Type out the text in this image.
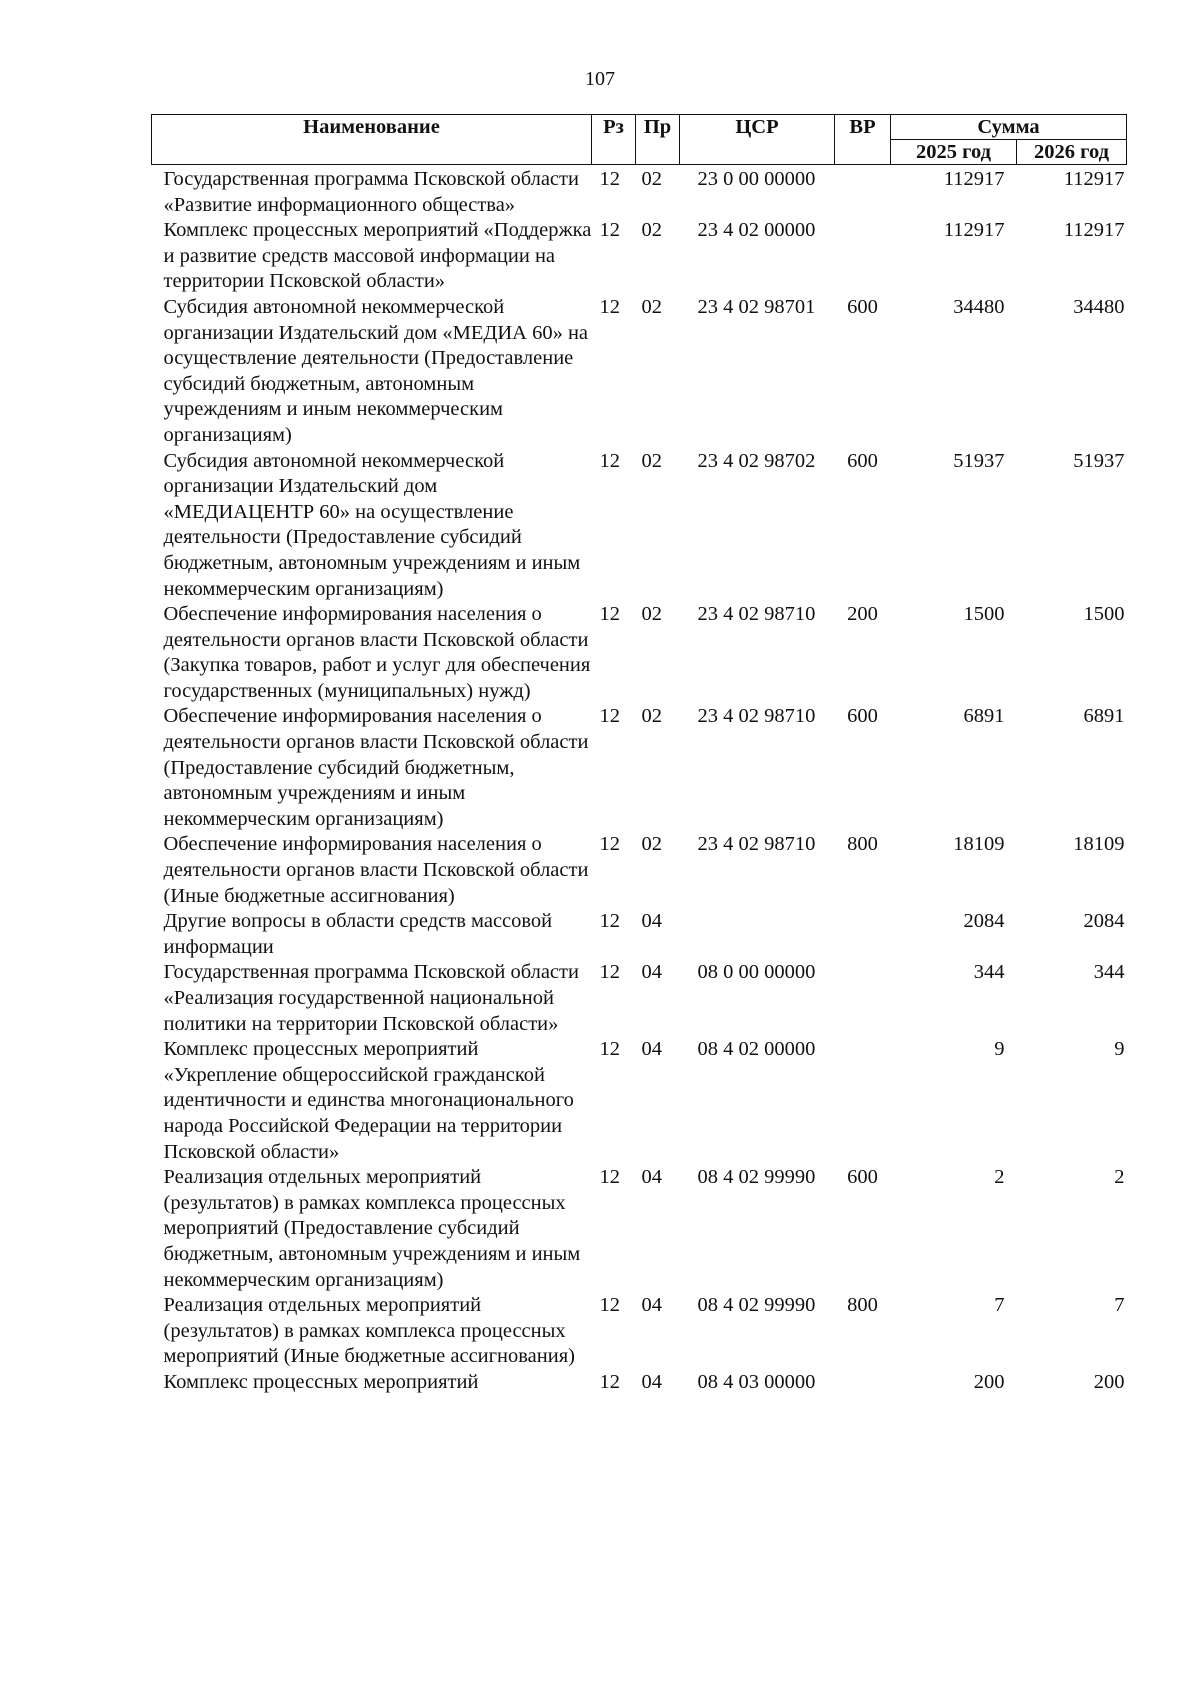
107
Наименование	Рз	Пр	ЦСР	ВР	Сумма	
					2025 год	2026 год
Государственная программа Псковской области «Развитие информационного общества»	12	02	23 0 00 00000		112917	112917
Комплекс процессных мероприятий «Поддержка и развитие средств массовой информации на территории Псковской области»	12	02	23 4 02 00000		112917	112917
Субсидия автономной некоммерческой организации Издательский дом «МЕДИА 60» на осуществление деятельности (Предоставление субсидий бюджетным, автономным учреждениям и иным некоммерческим организациям)	12	02	23 4 02 98701	600	34480	34480
Субсидия автономной некоммерческой организации Издательский дом «МЕДИАЦЕНТР 60» на осуществление деятельности (Предоставление субсидий бюджетным, автономным учреждениям и иным некоммерческим организациям)	12	02	23 4 02 98702	600	51937	51937
Обеспечение информирования населения о деятельности органов власти Псковской области (Закупка товаров, работ и услуг для обеспечения государственных (муниципальных) нужд)	12	02	23 4 02 98710	200	1500	1500
Обеспечение информирования населения о деятельности органов власти Псковской области (Предоставление субсидий бюджетным, автономным учреждениям и иным некоммерческим организациям)	12	02	23 4 02 98710	600	6891	6891
Обеспечение информирования населения о деятельности органов власти Псковской области (Иные бюджетные ассигнования)	12	02	23 4 02 98710	800	18109	18109
Другие вопросы в области средств массовой информации	12	04			2084	2084
Государственная программа Псковской области «Реализация государственной национальной политики на территории Псковской области»	12	04	08 0 00 00000		344	344
Комплекс процессных мероприятий «Укрепление общероссийской гражданской идентичности и единства многонационального народа Российской Федерации на территории Псковской области»	12	04	08 4 02 00000		9	9
Реализация отдельных мероприятий (результатов) в рамках комплекса процессных мероприятий (Предоставление субсидий бюджетным, автономным учреждениям и иным некоммерческим организациям)	12	04	08 4 02 99990	600	2	2
Реализация отдельных мероприятий (результатов) в рамках комплекса процессных мероприятий (Иные бюджетные ассигнования)	12	04	08 4 02 99990	800	7	7
Комплекс процессных мероприятий	12	04	08 4 03 00000		200	200
